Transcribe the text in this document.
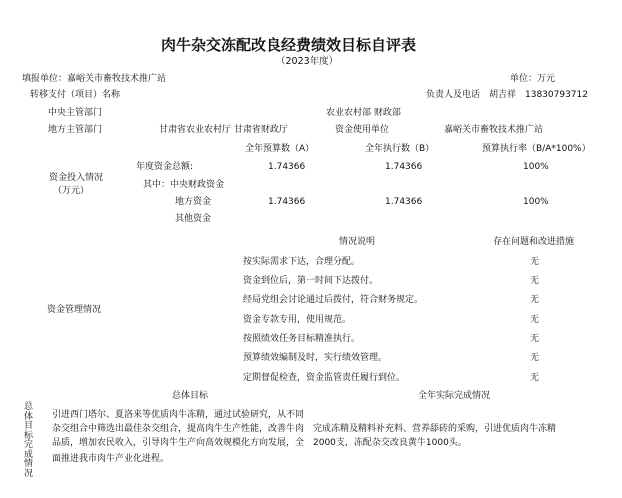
肉牛杂交冻配改良经费绩效目标自评表
（2023年度）
填报单位：嘉峪关市畜牧技术推广站	单位：万元
转移支付（项目）名称	负责人及电话　胡吉祥　13830793712
中央主管部门	农业农村部 财政部
地方主管部门	甘肃省农业农村厅 甘肃省财政厅	资金使用单位	嘉峪关市畜牧技术推广站
全年预算数（A）	全年执行数（B）	预算执行率（B/A*100%）
资金投入情况
（万元）
年度资金总额:	1.74366	1.74366	100%
其中：中央财政资金
地方资金	1.74366	1.74366	100%
其他资金
情况说明	存在问题和改进措施
资金管理情况
按实际需求下达，合理分配。	无
资金到位后，第一时间下达拨付。	无
经局党组会讨论通过后拨付，符合财务规定。	无
资金专款专用，使用规范。	无
按照绩效任务目标精准执行。	无
预算绩效编制及时，实行绩效管理。	无
定期督促检查，资金监管责任履行到位。	无
总体目标	全年实际完成情况
总体目标完成情况
引进西门塔尔、夏洛来等优质肉牛冻精，通过试验研究，从不同
杂交组合中筛选出最佳杂交组合，提高肉牛生产性能，改善牛肉　完成冻精及精料补充料、营养舔砖的采购，引进优质肉牛冻精
品质，增加农民收入，引导肉牛生产向高效规模化方向发展，全　2000支，冻配杂交改良黄牛1000头。
面推进我市肉牛产业化进程。
